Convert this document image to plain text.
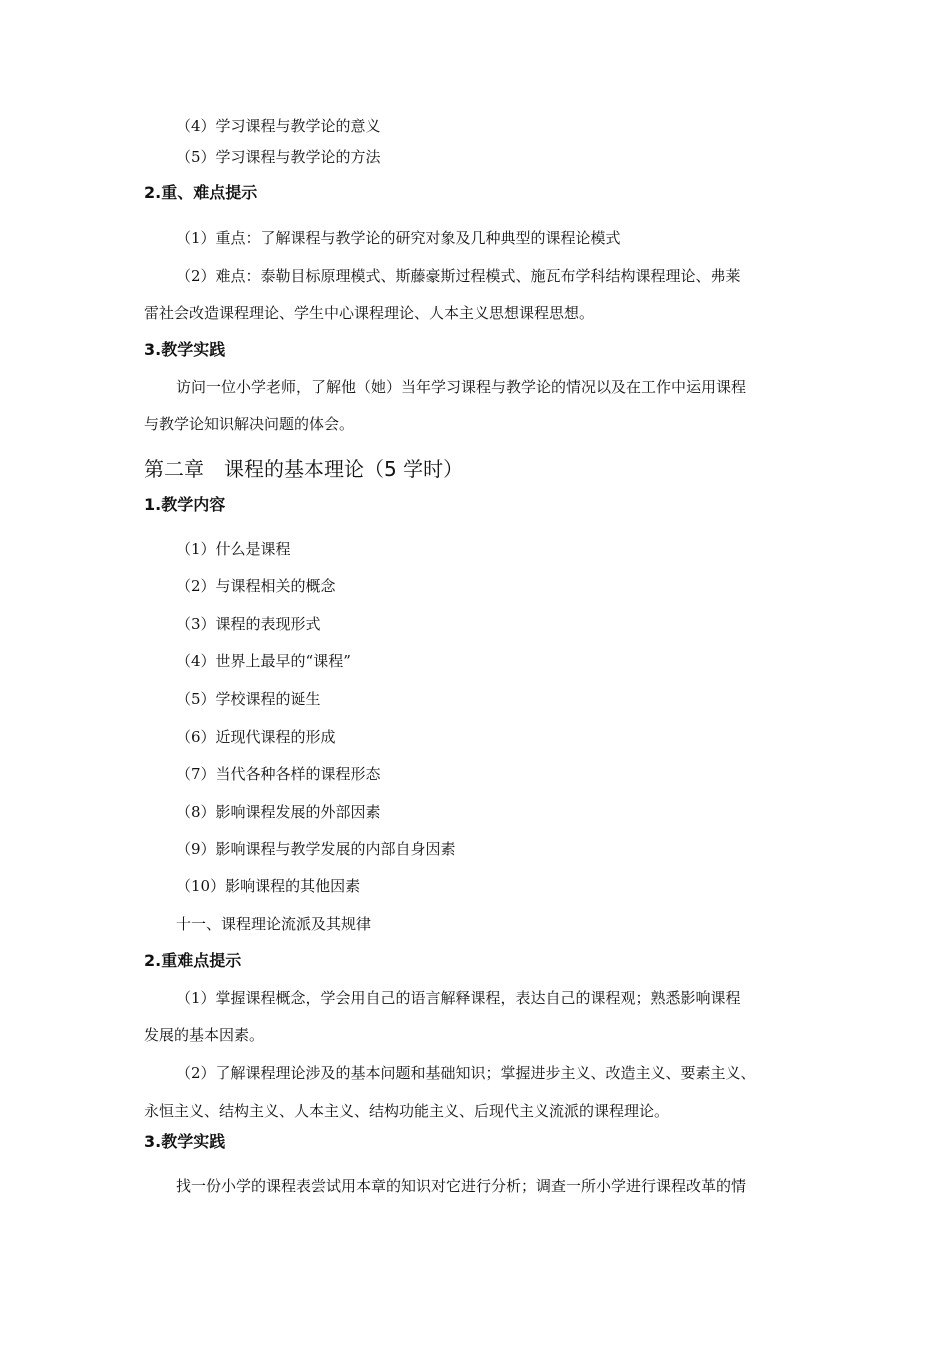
（4）学习课程与教学论的意义
（5）学习课程与教学论的方法
2.重、难点提示
（1）重点：了解课程与教学论的研究对象及几种典型的课程论模式
（2）难点：泰勒目标原理模式、斯藤豪斯过程模式、施瓦布学科结构课程理论、弗莱
雷社会改造课程理论、学生中心课程理论、人本主义思想课程思想。
3.教学实践
访问一位小学老师，了解他（她）当年学习课程与教学论的情况以及在工作中运用课程
与教学论知识解决问题的体会。
第二章　课程的基本理论（5 学时）
1.教学内容
（1）什么是课程
（2）与课程相关的概念
（3）课程的表现形式
（4）世界上最早的“课程”
（5）学校课程的诞生
（6）近现代课程的形成
（7）当代各种各样的课程形态
（8）影响课程发展的外部因素
（9）影响课程与教学发展的内部自身因素
（10）影响课程的其他因素
十一、课程理论流派及其规律
2.重难点提示
（1）掌握课程概念，学会用自己的语言解释课程，表达自己的课程观；熟悉影响课程
发展的基本因素。
（2）了解课程理论涉及的基本问题和基础知识；掌握进步主义、改造主义、要素主义、
永恒主义、结构主义、人本主义、结构功能主义、后现代主义流派的课程理论。
3.教学实践
找一份小学的课程表尝试用本章的知识对它进行分析；调查一所小学进行课程改革的情
